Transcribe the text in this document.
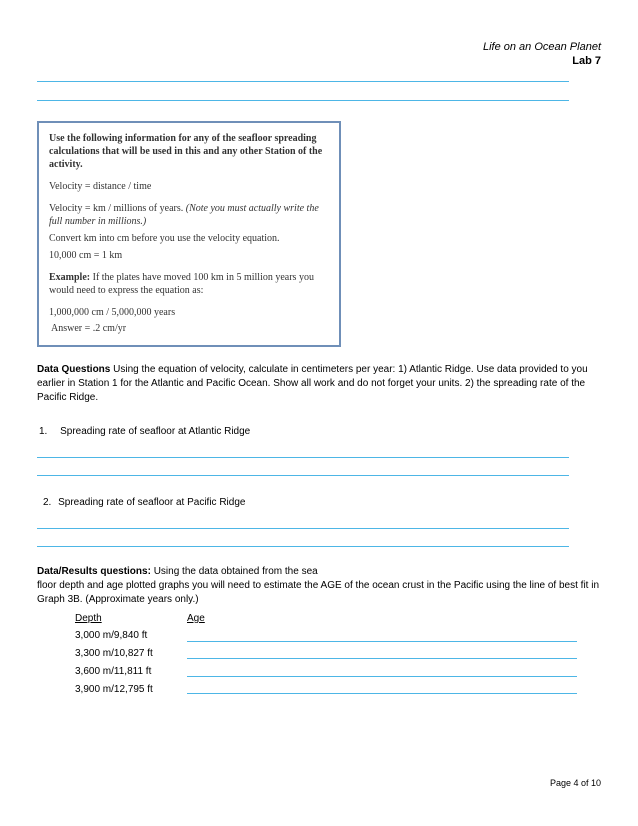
Life on an Ocean Planet
Lab 7

Use the following information for any of the seafloor spreading calculations that will be used in this and any other Station of the activity.

Velocity = distance / time

Velocity = km / millions of years. (Note you must actually write the full number in millions.)

Convert km into cm before you use the velocity equation.

10,000 cm = 1 km

Example: If the plates have moved 100 km in 5 million years you would need to express the equation as:

1,000,000 cm / 5,000,000 years

Answer = .2 cm/yr

Data Questions Using the equation of velocity, calculate in centimeters per year: 1) Atlantic Ridge. Use data provided to you earlier in Station 1 for the Atlantic and Pacific Ocean. Show all work and do not forget your units. 2) the spreading rate of the Pacific Ridge.
1. Spreading rate of seafloor at Atlantic Ridge
2. Spreading rate of seafloor at Pacific Ridge
Data/Results questions: Using the data obtained from the sea
floor depth and age plotted graphs you will need to estimate the AGE of the ocean crust in the Pacific using the line of best fit in Graph 3B. (Approximate years only.)
Depth	Age
3,000 m/9,840 ft
3,300 m/10,827 ft
3,600 m/11,811 ft
3,900 m/12,795 ft
Page 4 of 10
